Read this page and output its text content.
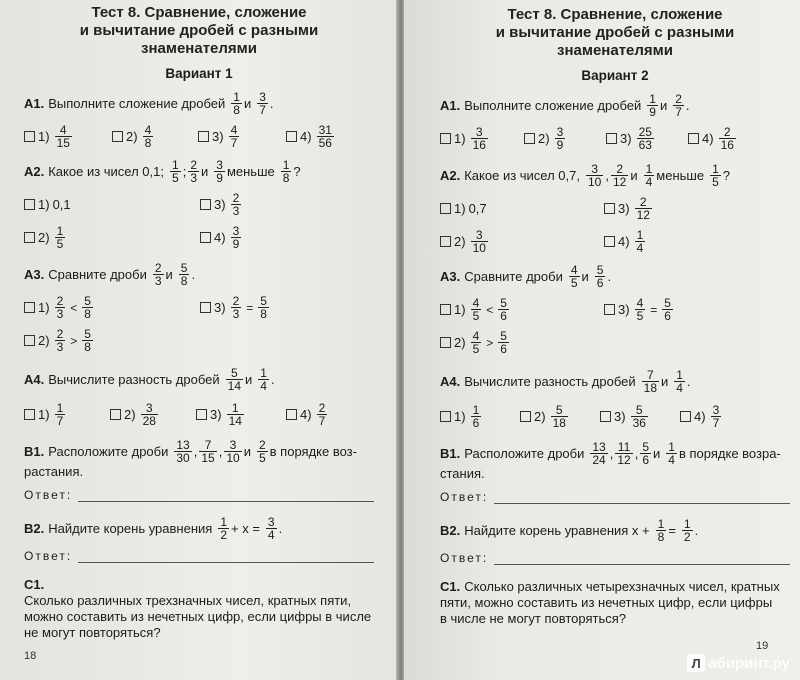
Тест 8. Сравнение, сложение
и вычитание дробей с разными
знаменателями
Вариант 1
А1. Выполните сложение дробей $\frac{1}{8}$ и $\frac{3}{7}$ .
$1) \frac{4}{15}$	$2) \frac{4}{8}$	$3) \frac{4}{7}$	$4) \frac{31}{56}$
А2. Какое из чисел 0,1; $\frac{1}{5}$ ; $\frac{2}{3}$ и $\frac{3}{9}$ меньше $\frac{1}{8}$ ?
1) 0,1	$3) \frac{2}{3}$
$2) \frac{1}{5}$	$4) \frac{3}{9}$
А3. Сравните дроби $\frac{2}{3}$ и $\frac{5}{8}$ .
$1) \frac{2}{3} < \frac{5}{8}$	$3) \frac{2}{3} = \frac{5}{8}$
$2) \frac{2}{3} > \frac{5}{8}$
А4. Вычислите разность дробей $\frac{5}{14}$ и $\frac{1}{4}$ .
$1) \frac{1}{7}$	$2) \frac{3}{28}$	$3) \frac{1}{14}$	$4) \frac{2}{7}$
В1. Расположите дроби $\frac{13}{30}$ , $\frac{7}{15}$ , $\frac{3}{10}$ и $\frac{2}{5}$ в порядке воз-
растания.
Ответ:
В2. Найдите корень уравнения $\frac{1}{2} + x = \frac{3}{4}$ .
Ответ:
С1.
Сколько различных трехзначных чисел, кратных пяти,
можно составить из нечетных цифр, если цифры в числе
не могут повторяться?
18
Тест 8. Сравнение, сложение
и вычитание дробей с разными
знаменателями
Вариант 2
А1. Выполните сложение дробей $\frac{1}{9}$ и $\frac{2}{7}$ .
$1) \frac{3}{16}$	$2) \frac{3}{9}$	$3) \frac{25}{63}$	$4) \frac{2}{16}$
А2. Какое из чисел 0,7, $\frac{3}{10}$ , $\frac{2}{12}$ и $\frac{1}{4}$ меньше $\frac{1}{5}$ ?
1) 0,7	$3) \frac{2}{12}$
$2) \frac{3}{10}$	$4) \frac{1}{4}$
А3. Сравните дроби $\frac{4}{5}$ и $\frac{5}{6}$ .
$1) \frac{4}{5} < \frac{5}{6}$	$3) \frac{4}{5} = \frac{5}{6}$
$2) \frac{4}{5} > \frac{5}{6}$
А4. Вычислите разность дробей $\frac{7}{18}$ и $\frac{1}{4}$ .
$1) \frac{1}{6}$	$2) \frac{5}{18}$	$3) \frac{5}{36}$	$4) \frac{3}{7}$
В1. Расположите дроби $\frac{13}{24}$ , $\frac{11}{12}$ , $\frac{5}{6}$ и $\frac{1}{4}$ в порядке возра-
стания.
Ответ:
В2. Найдите корень уравнения $x + \frac{1}{8} = \frac{1}{2}$ .
Ответ:
С1. Сколько различных четырехзначных чисел, кратных
пяти, можно составить из нечетных цифр, если цифры
в числе не могут повторяться?
19
Л абиринт.ру
